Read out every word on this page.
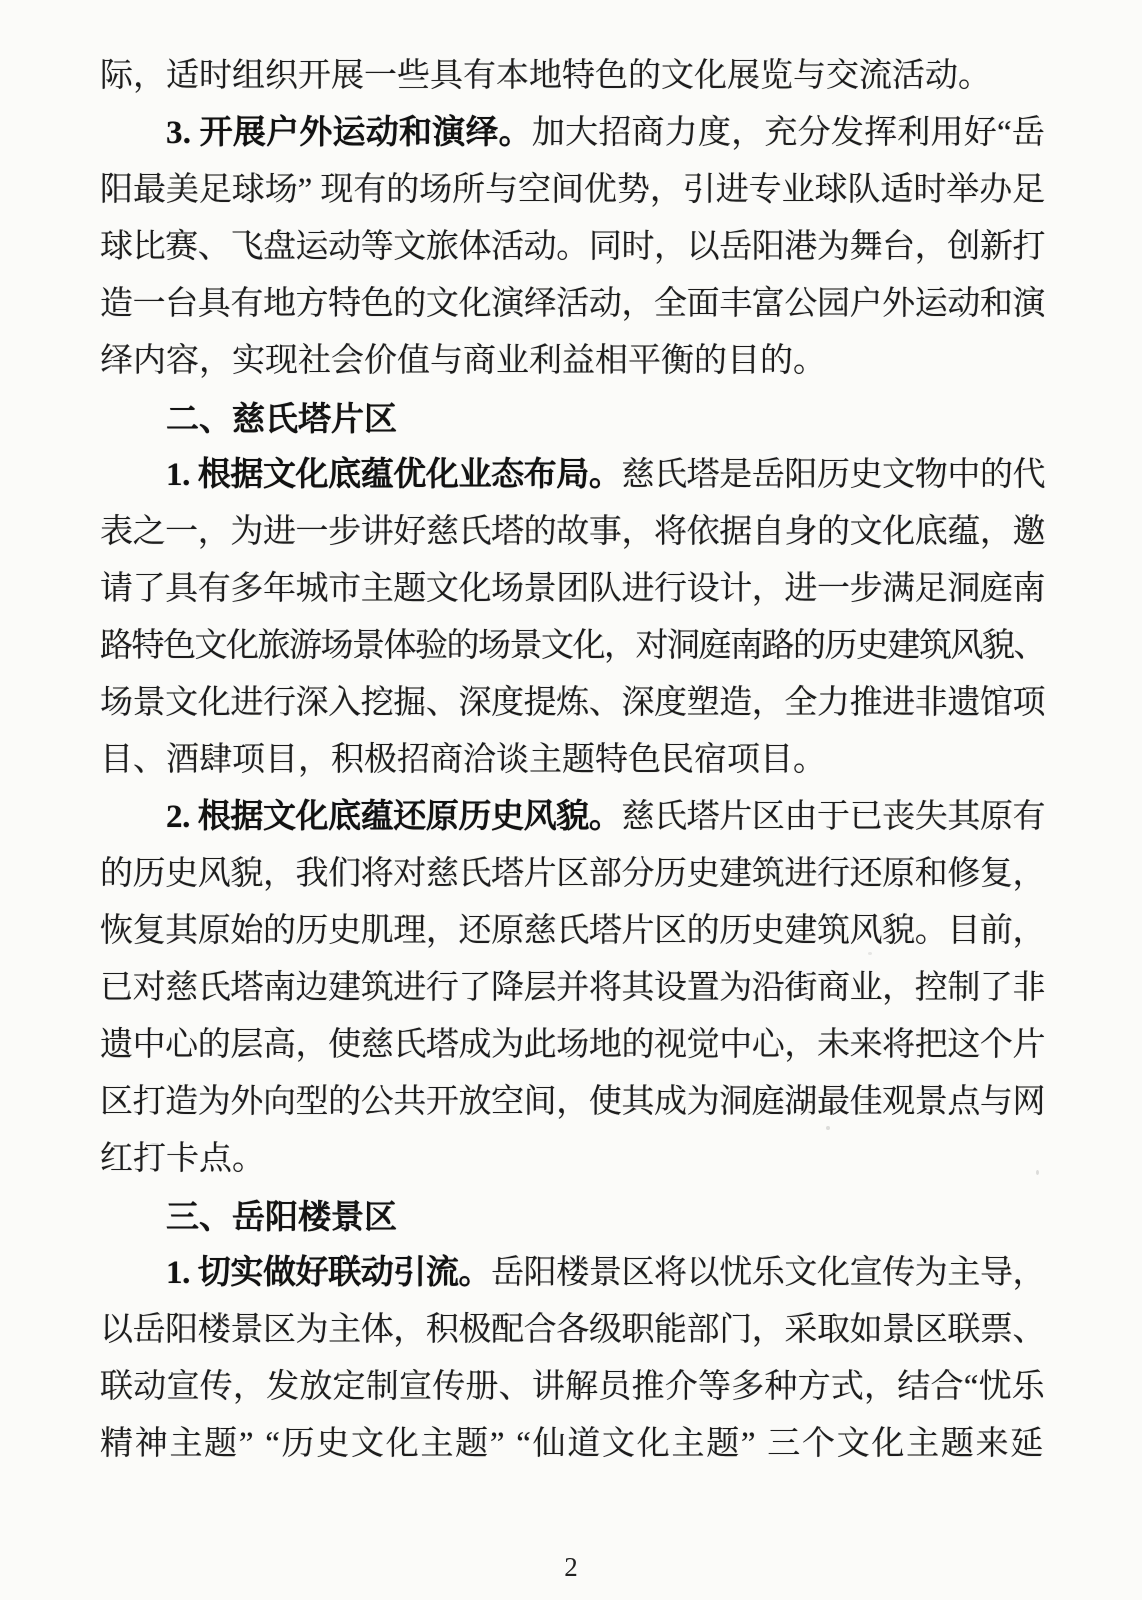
际，适时组织开展一些具有本地特色的文化展览与交流活动。
3. 开展户外运动和演绎。加大招商力度，充分发挥利用好“岳
阳最美足球场” 现有的场所与空间优势，引进专业球队适时举办足
球比赛、飞盘运动等文旅体活动。同时，以岳阳港为舞台，创新打
造一台具有地方特色的文化演绎活动，全面丰富公园户外运动和演
绎内容，实现社会价值与商业利益相平衡的目的。
二、慈氏塔片区
1. 根据文化底蕴优化业态布局。慈氏塔是岳阳历史文物中的代
表之一，为进一步讲好慈氏塔的故事，将依据自身的文化底蕴，邀
请了具有多年城市主题文化场景团队进行设计，进一步满足洞庭南
路特色文化旅游场景体验的场景文化，对洞庭南路的历史建筑风貌、
场景文化进行深入挖掘、深度提炼、深度塑造，全力推进非遗馆项
目、酒肆项目，积极招商洽谈主题特色民宿项目。
2. 根据文化底蕴还原历史风貌。慈氏塔片区由于已丧失其原有
的历史风貌，我们将对慈氏塔片区部分历史建筑进行还原和修复，
恢复其原始的历史肌理，还原慈氏塔片区的历史建筑风貌。目前，
已对慈氏塔南边建筑进行了降层并将其设置为沿街商业，控制了非
遗中心的层高，使慈氏塔成为此场地的视觉中心，未来将把这个片
区打造为外向型的公共开放空间，使其成为洞庭湖最佳观景点与网
红打卡点。
三、岳阳楼景区
1. 切实做好联动引流。岳阳楼景区将以忧乐文化宣传为主导，
以岳阳楼景区为主体，积极配合各级职能部门，采取如景区联票、
联动宣传，发放定制宣传册、讲解员推介等多种方式，结合“忧乐
精神主题” “历史文化主题” “仙道文化主题” 三个文化主题来延
2
